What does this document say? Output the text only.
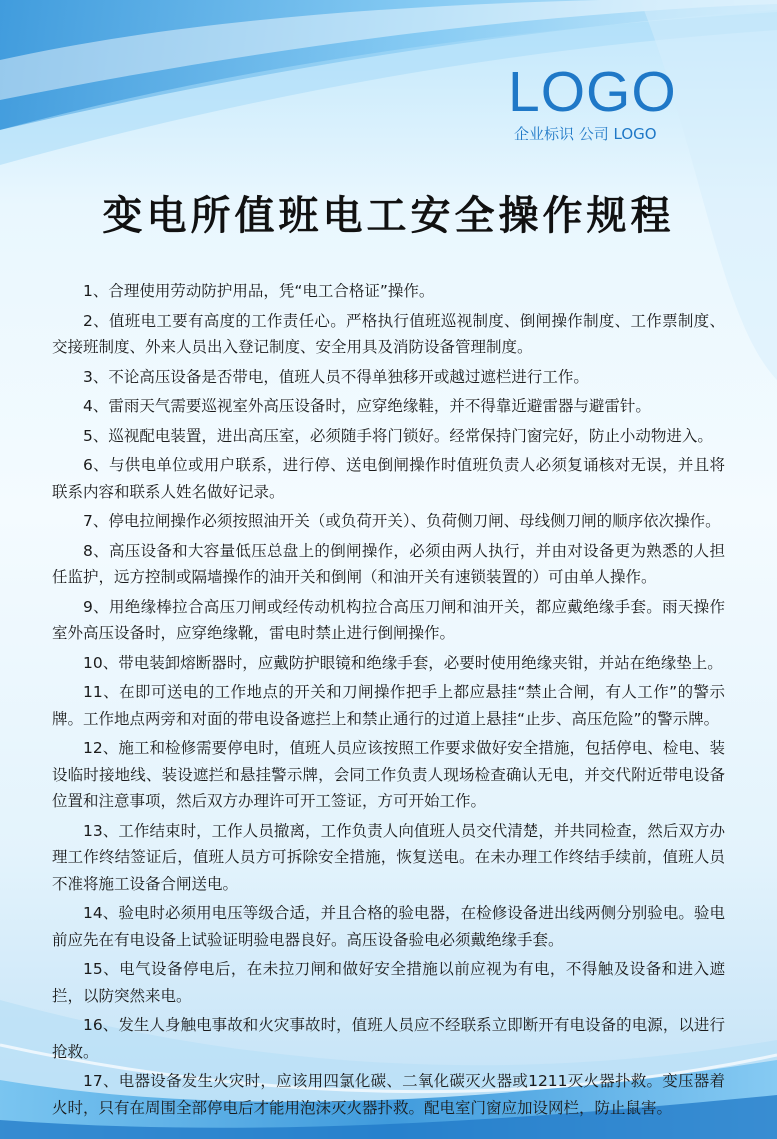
LOGO
企业标识 公司 LOGO
变电所值班电工安全操作规程

1、合理使用劳动防护用品，凭“电工合格证”操作。

2、值班电工要有高度的工作责任心。严格执行值班巡视制度、倒闸操作制度、工作票制度、交接班制度、外来人员出入登记制度、安全用具及消防设备管理制度。

3、不论高压设备是否带电，值班人员不得单独移开或越过遮栏进行工作。

4、雷雨天气需要巡视室外高压设备时，应穿绝缘鞋，并不得靠近避雷器与避雷针。

5、巡视配电装置，进出高压室，必须随手将门锁好。经常保持门窗完好，防止小动物进入。

6、与供电单位或用户联系，进行停、送电倒闸操作时值班负责人必须复诵核对无误，并且将联系内容和联系人姓名做好记录。

7、停电拉闸操作必须按照油开关（或负荷开关）、负荷侧刀闸、母线侧刀闸的顺序依次操作。

8、高压设备和大容量低压总盘上的倒闸操作，必须由两人执行，并由对设备更为熟悉的人担任监护，远方控制或隔墙操作的油开关和倒闸（和油开关有速锁装置的）可由单人操作。

9、用绝缘棒拉合高压刀闸或经传动机构拉合高压刀闸和油开关，都应戴绝缘手套。雨天操作室外高压设备时，应穿绝缘靴，雷电时禁止进行倒闸操作。

10、带电装卸熔断器时，应戴防护眼镜和绝缘手套，必要时使用绝缘夹钳，并站在绝缘垫上。

11、在即可送电的工作地点的开关和刀闸操作把手上都应悬挂“禁止合闸，有人工作”的警示牌。工作地点两旁和对面的带电设备遮拦上和禁止通行的过道上悬挂“止步、高压危险”的警示牌。

12、施工和检修需要停电时，值班人员应该按照工作要求做好安全措施，包括停电、检电、装设临时接地线、装设遮拦和悬挂警示牌，会同工作负责人现场检查确认无电，并交代附近带电设备位置和注意事项，然后双方办理许可开工签证，方可开始工作。

13、工作结束时，工作人员撤离，工作负责人向值班人员交代清楚，并共同检查，然后双方办理工作终结签证后，值班人员方可拆除安全措施，恢复送电。在未办理工作终结手续前，值班人员不准将施工设备合闸送电。

14、验电时必须用电压等级合适，并且合格的验电器，在检修设备进出线两侧分别验电。验电前应先在有电设备上试验证明验电器良好。高压设备验电必须戴绝缘手套。

15、电气设备停电后，在未拉刀闸和做好安全措施以前应视为有电，不得触及设备和进入遮拦，以防突然来电。

16、发生人身触电事故和火灾事故时，值班人员应不经联系立即断开有电设备的电源，以进行抢救。

17、电器设备发生火灾时，应该用四氯化碳、二氧化碳灭火器或1211灭火器扑救。变压器着火时，只有在周围全部停电后才能用泡沫灭火器扑救。配电室门窗应加设网栏，防止鼠害。
